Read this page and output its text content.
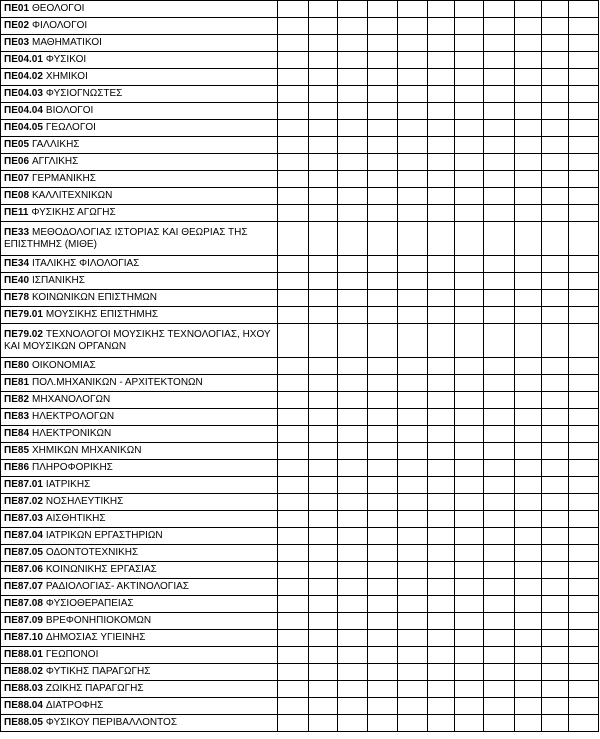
ΠΕ01 ΘΕΟΛΟΓΟΙ											
ΠΕ02 ΦΙΛΟΛΟΓΟΙ											
ΠΕ03 ΜΑΘΗΜΑΤΙΚΟΙ											
ΠΕ04.01 ΦΥΣΙΚΟΙ											
ΠΕ04.02 ΧΗΜΙΚΟΙ											
ΠΕ04.03 ΦΥΣΙΟΓΝΩΣΤΕΣ											
ΠΕ04.04 ΒΙΟΛΟΓΟΙ											
ΠΕ04.05 ΓΕΩΛΟΓΟΙ											
ΠΕ05 ΓΑΛΛΙΚΗΣ											
ΠΕ06 ΑΓΓΛΙΚΗΣ											
ΠΕ07 ΓΕΡΜΑΝΙΚΗΣ											
ΠΕ08 ΚΑΛΛΙΤΕΧΝΙΚΩΝ											
ΠΕ11 ΦΥΣΙΚΗΣ ΑΓΩΓΗΣ											
ΠΕ33 ΜΕΘΟΔΟΛΟΓΙΑΣ ΙΣΤΟΡΙΑΣ ΚΑΙ ΘΕΩΡΙΑΣ ΤΗΣ ΕΠΙΣΤΗΜΗΣ (ΜΙΘΕ)											
ΠΕ34 ΙΤΑΛΙΚΗΣ ΦΙΛΟΛΟΓΙΑΣ											
ΠΕ40 ΙΣΠΑΝΙΚΗΣ											
ΠΕ78 ΚΟΙΝΩΝΙΚΩΝ ΕΠΙΣΤΗΜΩΝ											
ΠΕ79.01 ΜΟΥΣΙΚΗΣ ΕΠΙΣΤΗΜΗΣ											
ΠΕ79.02 ΤΕΧΝΟΛΟΓΟΙ ΜΟΥΣΙΚΗΣ ΤΕΧΝΟΛΟΓΙΑΣ, ΗΧΟΥ ΚΑΙ ΜΟΥΣΙΚΩΝ ΟΡΓΑΝΩΝ											
ΠΕ80 ΟΙΚΟΝΟΜΙΑΣ											
ΠΕ81 ΠΟΛ.ΜΗΧΑΝΙΚΩΝ - ΑΡΧΙΤΕΚΤΟΝΩΝ											
ΠΕ82 ΜΗΧΑΝΟΛΟΓΩΝ											
ΠΕ83 ΗΛΕΚΤΡΟΛΟΓΩΝ											
ΠΕ84 ΗΛΕΚΤΡΟΝΙΚΩΝ											
ΠΕ85 ΧΗΜΙΚΩΝ ΜΗΧΑΝΙΚΩΝ											
ΠΕ86 ΠΛΗΡΟΦΟΡΙΚΗΣ											
ΠΕ87.01 ΙΑΤΡΙΚΗΣ											
ΠΕ87.02 ΝΟΣΗΛΕΥΤΙΚΗΣ											
ΠΕ87.03 ΑΙΣΘΗΤΙΚΗΣ											
ΠΕ87.04 ΙΑΤΡΙΚΩΝ ΕΡΓΑΣΤΗΡΙΩΝ											
ΠΕ87.05 ΟΔΟΝΤΟΤΕΧΝΙΚΗΣ											
ΠΕ87.06 ΚΟΙΝΩΝΙΚΗΣ ΕΡΓΑΣΙΑΣ											
ΠΕ87.07 ΡΑΔΙΟΛΟΓΙΑΣ- ΑΚΤΙΝΟΛΟΓΙΑΣ											
ΠΕ87.08 ΦΥΣΙΟΘΕΡΑΠΕΙΑΣ											
ΠΕ87.09 ΒΡΕΦΟΝΗΠΙΟΚΟΜΩΝ											
ΠΕ87.10 ΔΗΜΟΣΙΑΣ ΥΓΙΕΙΝΗΣ											
ΠΕ88.01 ΓΕΩΠΟΝΟΙ											
ΠΕ88.02 ΦΥΤΙΚΗΣ ΠΑΡΑΓΩΓΗΣ											
ΠΕ88.03 ΖΩΙΚΗΣ ΠΑΡΑΓΩΓΗΣ											
ΠΕ88.04 ΔΙΑΤΡΟΦΗΣ											
ΠΕ88.05 ΦΥΣΙΚΟΥ ΠΕΡΙΒΑΛΛΟΝΤΟΣ											
